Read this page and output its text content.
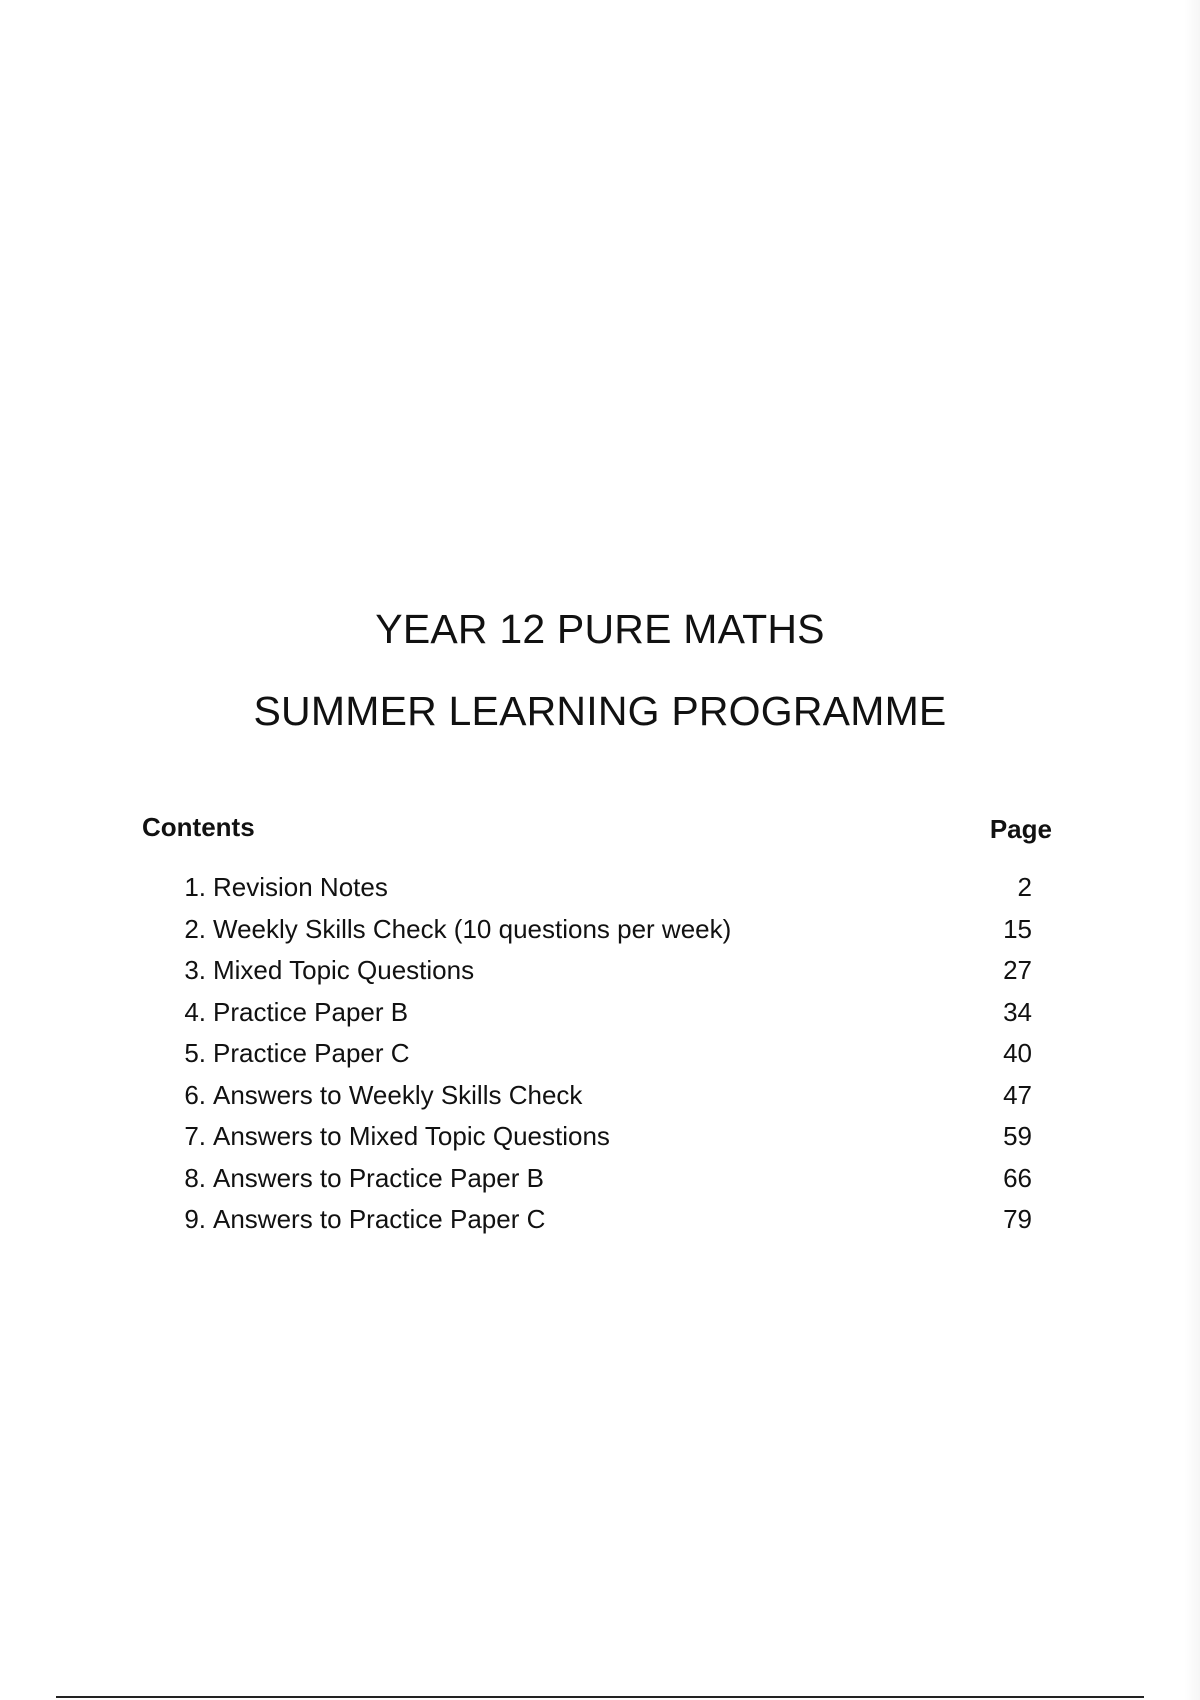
YEAR 12 PURE MATHS
SUMMER LEARNING PROGRAMME
Contents	Page
1. Revision Notes	2
2. Weekly Skills Check (10 questions per week)	15
3. Mixed Topic Questions	27
4. Practice Paper B	34
5. Practice Paper C	40
6. Answers to Weekly Skills Check	47
7. Answers to Mixed Topic Questions	59
8. Answers to Practice Paper B	66
9. Answers to Practice Paper C	79
